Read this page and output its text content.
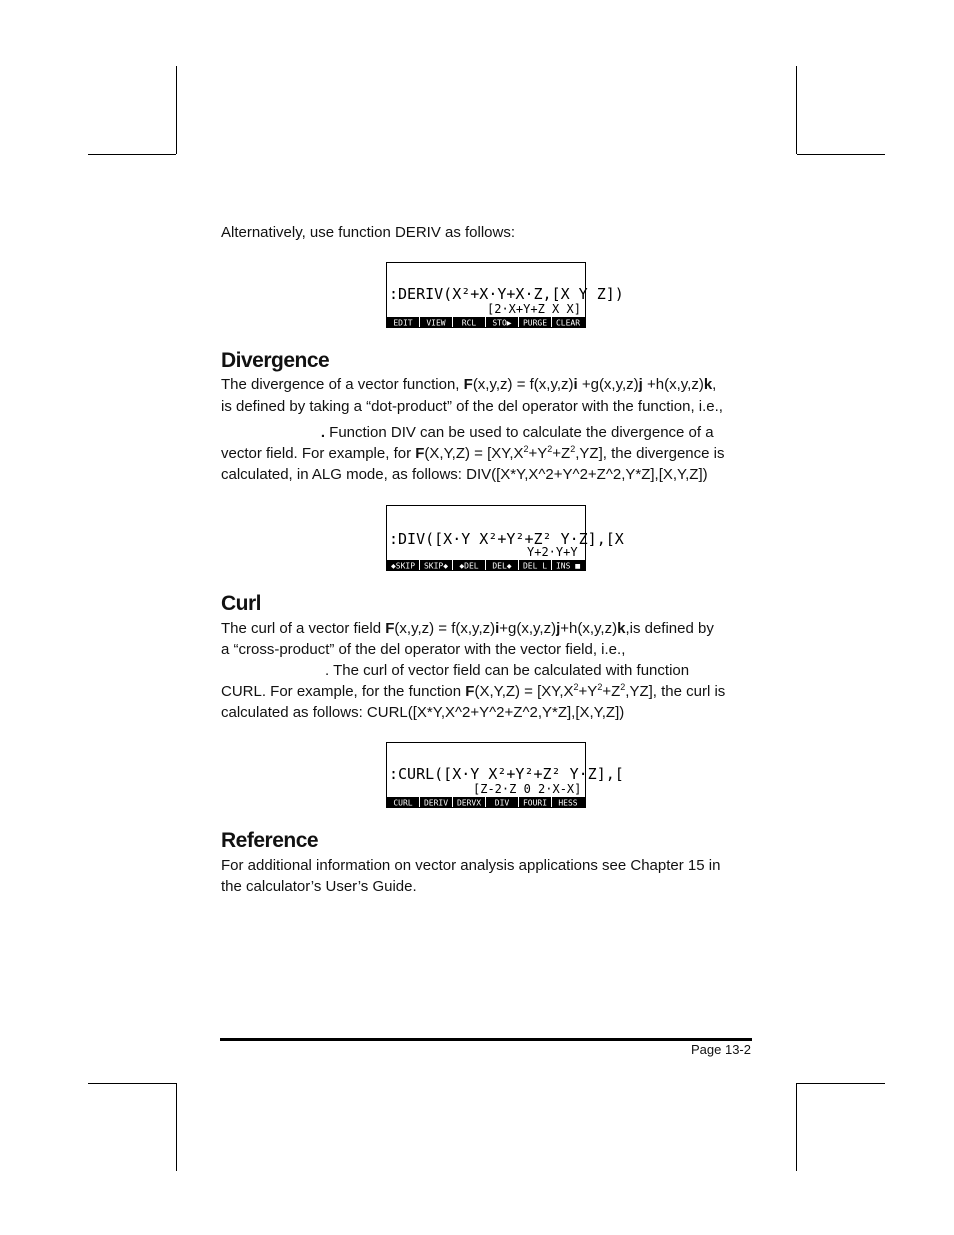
Alternatively, use function DERIV as follows:
:DERIV(X²+X·Y+X·Z,[X Y Z])
[2·X+Y+Z X X]
EDIT VIEW RCL STO▶ PURGE CLEAR
Divergence
The divergence of a vector function, F(x,y,z) = f(x,y,z)i +g(x,y,z)j +h(x,y,z)k,
is defined by taking a “dot-product” of the del operator with the function, i.e.,
. Function DIV can be used to calculate the divergence of a
vector field. For example, for $F(X,Y,Z) = [XY,X^2+Y^2+Z^2,YZ]$, the divergence is
calculated, in ALG mode, as follows: DIV([X*Y,X^2+Y^2+Z^2,Y*Z],[X,Y,Z])
:DIV([X·Y X²+Y²+Z² Y·Z],[X
Y+2·Y+Y
◆SKIP SKIP◆ ◆DEL DEL◆ DEL L INS ■
Curl
The curl of a vector field F(x,y,z) = f(x,y,z)i+g(x,y,z)j+h(x,y,z)k,is defined by
a “cross-product” of the del operator with the vector field, i.e.,
. The curl of vector field can be calculated with function
CURL. For example, for the function $F(X,Y,Z) = [XY,X^2+Y^2+Z^2,YZ]$, the curl is
calculated as follows: CURL([X*Y,X^2+Y^2+Z^2,Y*Z],[X,Y,Z])
:CURL([X·Y X²+Y²+Z² Y·Z],[
[Z-2·Z 0 2·X-X]
CURL DERIV DERVX DIV FOURI HESS
Reference
For additional information on vector analysis applications see Chapter 15 in
the calculator’s User’s Guide.
Page 13-2
